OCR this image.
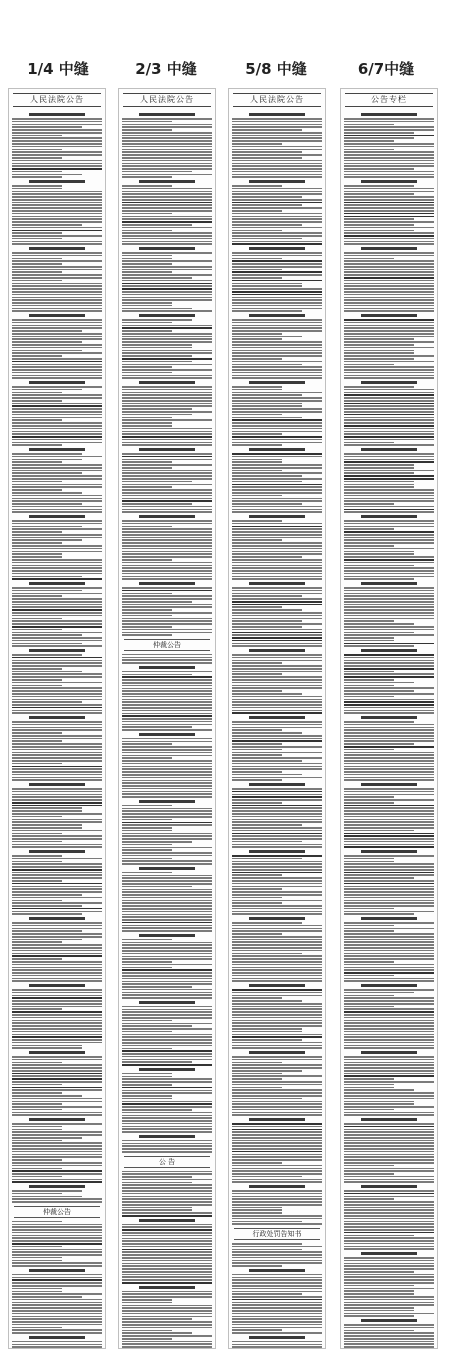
1/4 中缝	2/3 中缝	5/8 中缝	6/7中缝
人民法院公告
仲裁公告
人民法院公告
仲裁公告
公 告
人民法院公告
行政处罚告知书
公告专栏
